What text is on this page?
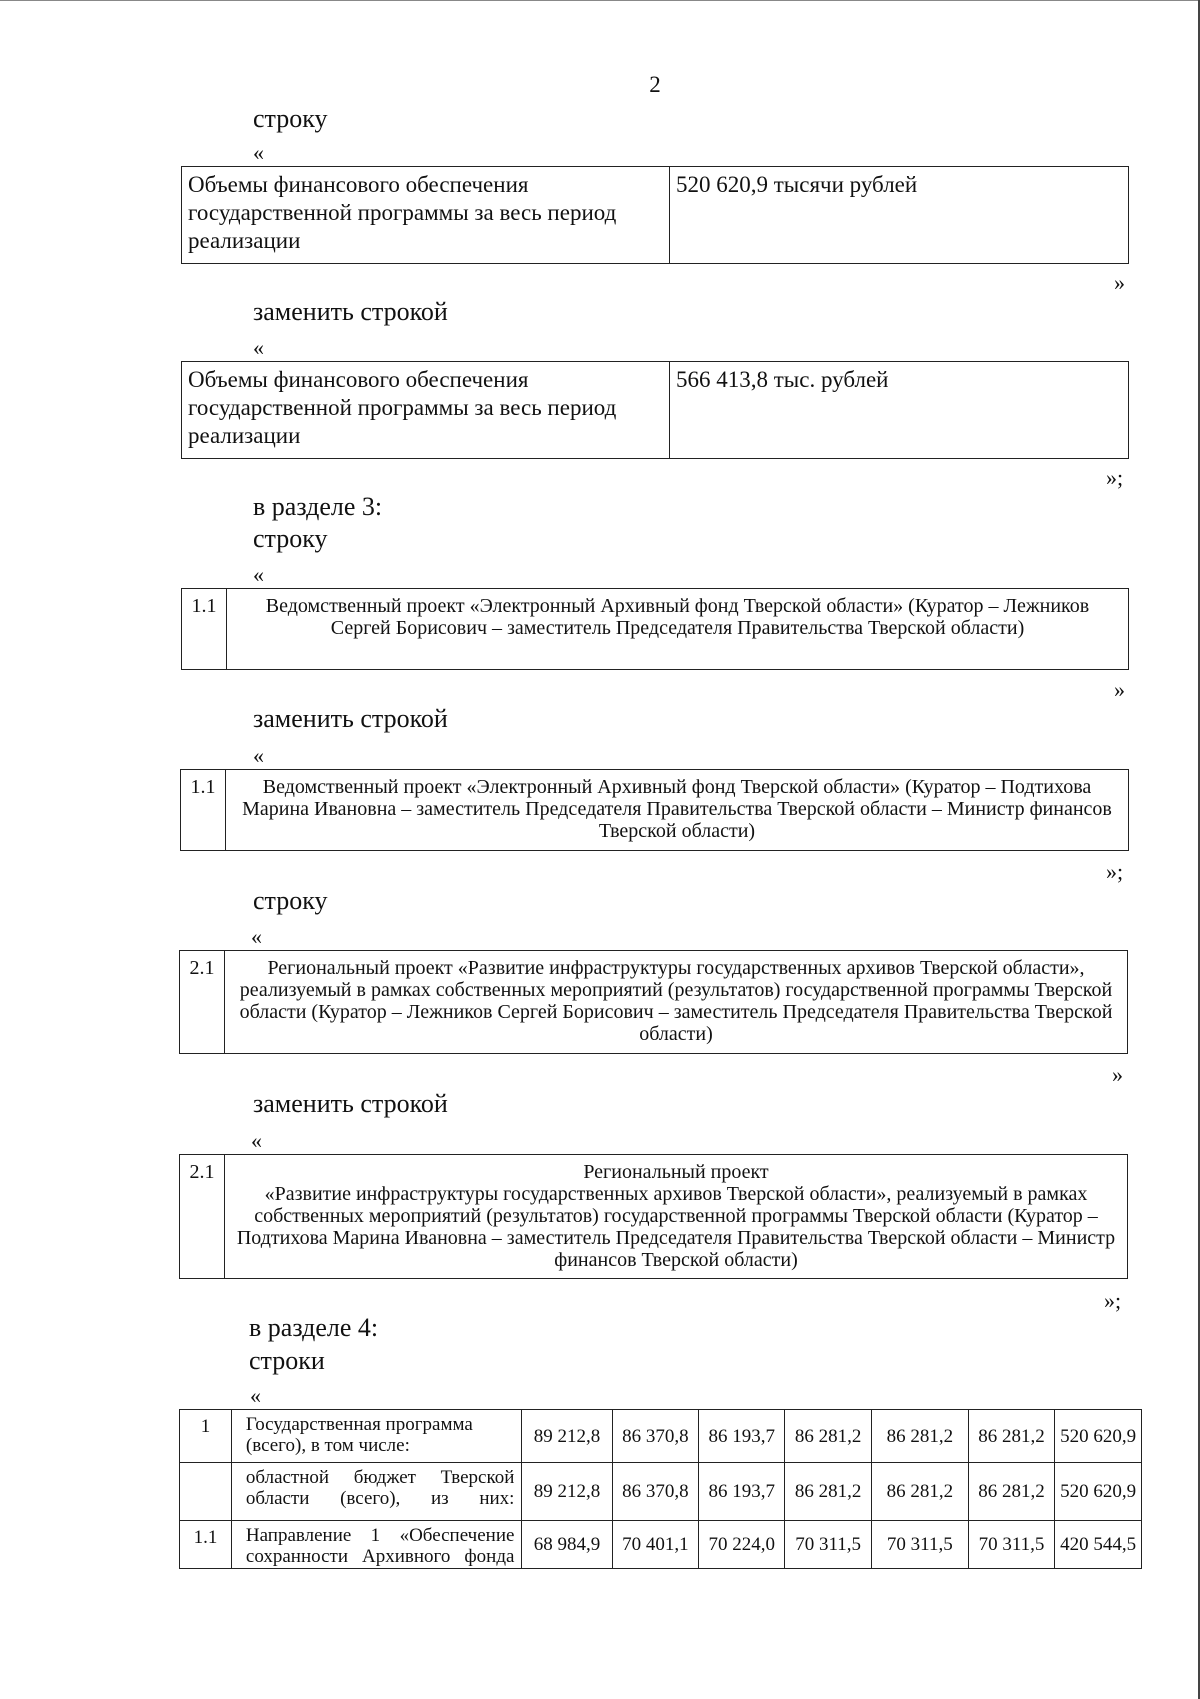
2
строку
«
Объемы финансового обеспечения государственной программы за весь период реализации	520 620,9 тысячи рублей
»
заменить строкой
«
Объемы финансового обеспечения государственной программы за весь период реализации	566 413,8 тыс. рублей
»;
в разделе 3:
строку
«
1.1	Ведомственный проект «Электронный Архивный фонд Тверской области» (Куратор – Лежников Сергей Борисович – заместитель Председателя Правительства Тверской области)
»
заменить строкой
«
1.1	Ведомственный проект «Электронный Архивный фонд Тверской области» (Куратор – Подтихова Марина Ивановна – заместитель Председателя Правительства Тверской области – Министр финансов Тверской области)
»;
строку
«
2.1	Региональный проект «Развитие инфраструктуры государственных архивов Тверской области», реализуемый в рамках собственных мероприятий (результатов) государственной программы Тверской области (Куратор – Лежников Сергей Борисович – заместитель Председателя Правительства Тверской области)
»
заменить строкой
«
2.1	Региональный проект
«Развитие инфраструктуры государственных архивов Тверской области», реализуемый в рамках собственных мероприятий (результатов) государственной программы Тверской области (Куратор – Подтихова Марина Ивановна – заместитель Председателя Правительства Тверской области – Министр финансов Тверской области)
»;
в разделе 4:
строки
«
1	Государственная программа (всего), в том числе:	89 212,8	86 370,8	86 193,7	86 281,2	86 281,2	86 281,2	520 620,9
	областной бюджет Тверской области (всего), из них:	89 212,8	86 370,8	86 193,7	86 281,2	86 281,2	86 281,2	520 620,9
1.1	Направление 1 «Обеспечение сохранности Архивного фонда	68 984,9	70 401,1	70 224,0	70 311,5	70 311,5	70 311,5	420 544,5
